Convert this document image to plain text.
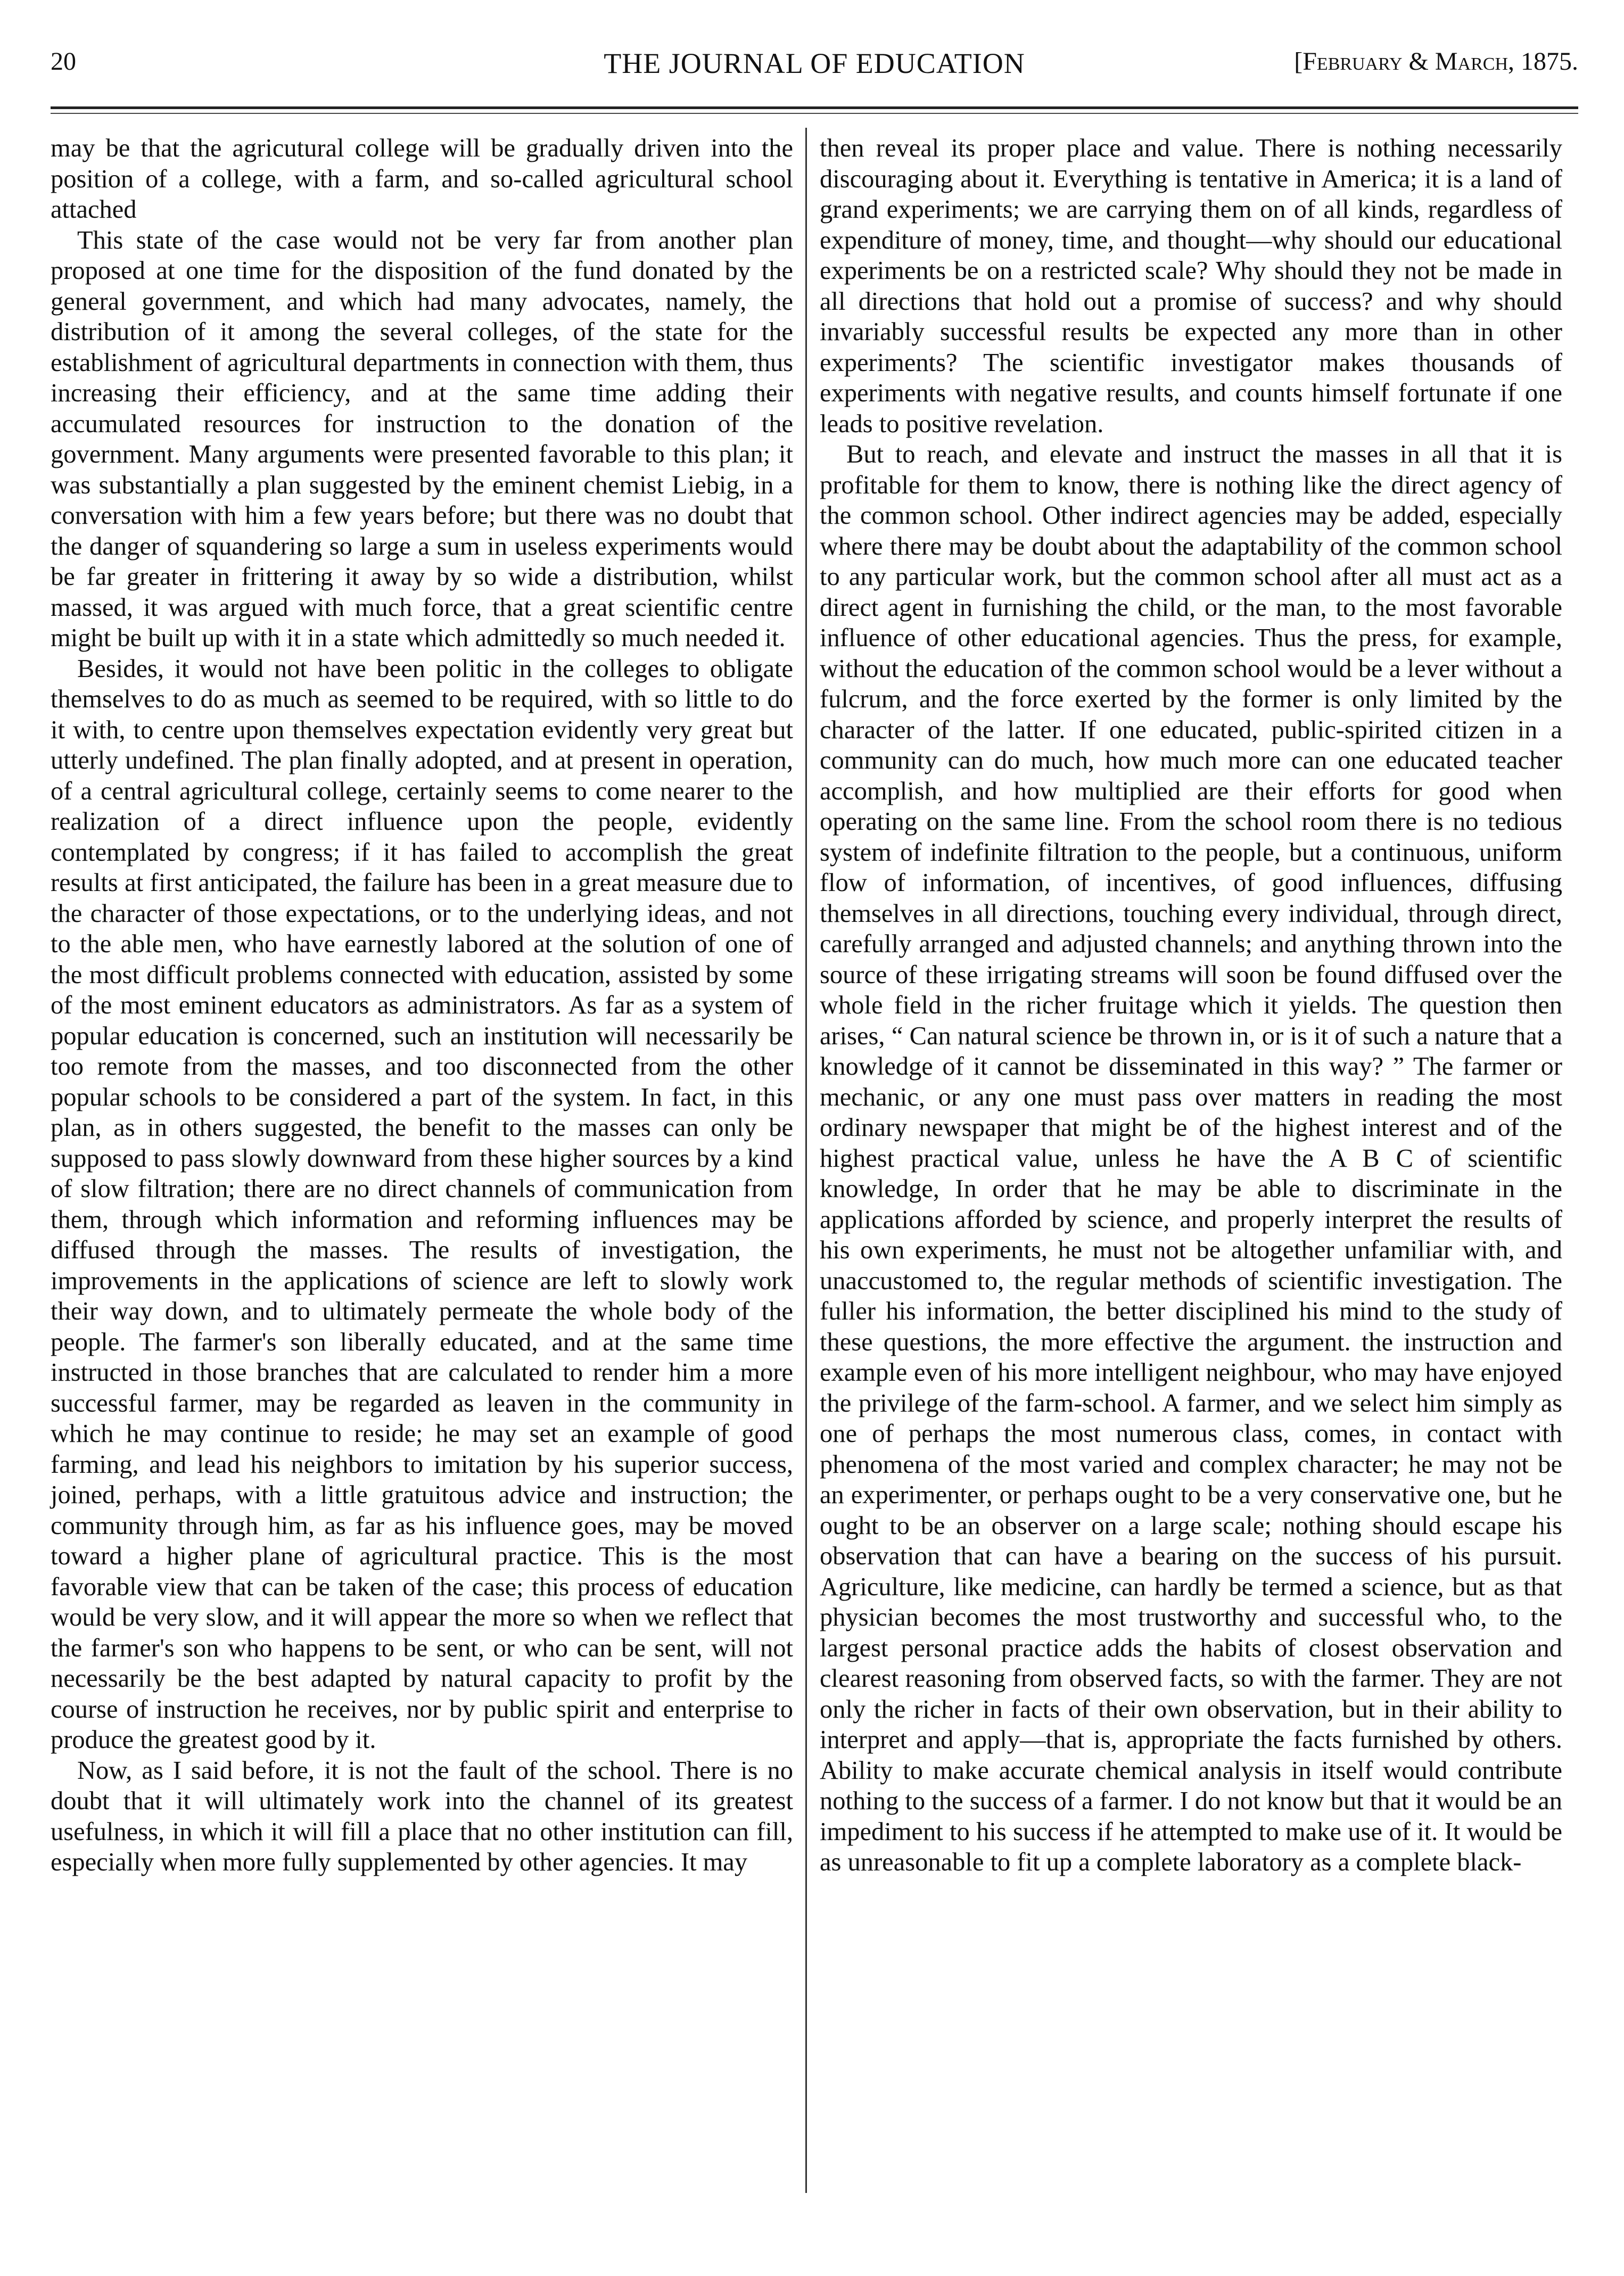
20	THE JOURNAL OF EDUCATION	[February & March, 1875.

may be that the agricutural college will be gradually driven into the position of a college, with a farm, and so-called agricultural school attached

This state of the case would not be very far from another plan proposed at one time for the disposition of the fund donated by the general government, and which had many advocates, namely, the distribution of it among the several colleges, of the state for the establishment of agricultural departments in connection with them, thus increasing their efficiency, and at the same time adding their accumulated resources for instruction to the donation of the government. Many arguments were presented favorable to this plan; it was substantially a plan suggested by the eminent chemist Liebig, in a conversation with him a few years before; but there was no doubt that the danger of squandering so large a sum in useless experiments would be far greater in frittering it away by so wide a distribution, whilst massed, it was argued with much force, that a great scientific centre might be built up with it in a state which admittedly so much needed it.

Besides, it would not have been politic in the colleges to obligate themselves to do as much as seemed to be required, with so little to do it with, to centre upon themselves expectation evidently very great but utterly undefined. The plan finally adopted, and at present in operation, of a central agricultural college, certainly seems to come nearer to the realization of a direct influence upon the people, evidently contemplated by congress; if it has failed to accomplish the great results at first anticipated, the failure has been in a great measure due to the character of those expectations, or to the underlying ideas, and not to the able men, who have earnestly labored at the solution of one of the most difficult problems connected with education, assisted by some of the most eminent educators as administrators. As far as a system of popular education is concerned, such an institution will necessarily be too remote from the masses, and too disconnected from the other popular schools to be considered a part of the system. In fact, in this plan, as in others suggested, the benefit to the masses can only be supposed to pass slowly downward from these higher sources by a kind of slow filtration; there are no direct channels of communication from them, through which information and reforming influences may be diffused through the masses. The results of investigation, the improvements in the applications of science are left to slowly work their way down, and to ultimately permeate the whole body of the people. The farmer's son liberally educated, and at the same time instructed in those branches that are calculated to render him a more successful farmer, may be regarded as leaven in the community in which he may continue to reside; he may set an example of good farming, and lead his neighbors to imitation by his superior success, joined, perhaps, with a little gratuitous advice and instruction; the community through him, as far as his influence goes, may be moved toward a higher plane of agricultural practice. This is the most favorable view that can be taken of the case; this process of education would be very slow, and it will appear the more so when we reflect that the farmer's son who happens to be sent, or who can be sent, will not necessarily be the best adapted by natural capacity to profit by the course of instruction he receives, nor by public spirit and enterprise to produce the greatest good by it.

Now, as I said before, it is not the fault of the school. There is no doubt that it will ultimately work into the channel of its greatest usefulness, in which it will fill a place that no other institution can fill, especially when more fully supplemented by other agencies. It may

then reveal its proper place and value. There is nothing necessarily discouraging about it. Everything is tentative in America; it is a land of grand experiments; we are carrying them on of all kinds, regardless of expenditure of money, time, and thought—why should our educational experiments be on a restricted scale? Why should they not be made in all directions that hold out a promise of success? and why should invariably successful results be expected any more than in other experiments? The scientific investigator makes thousands of experiments with negative results, and counts himself fortunate if one leads to positive revelation.

But to reach, and elevate and instruct the masses in all that it is profitable for them to know, there is nothing like the direct agency of the common school. Other indirect agencies may be added, especially where there may be doubt about the adaptability of the common school to any particular work, but the common school after all must act as a direct agent in furnishing the child, or the man, to the most favorable influence of other educational agencies. Thus the press, for example, without the education of the common school would be a lever without a fulcrum, and the force exerted by the former is only limited by the character of the latter. If one educated, public-spirited citizen in a community can do much, how much more can one educated teacher accomplish, and how multiplied are their efforts for good when operating on the same line. From the school room there is no tedious system of indefinite filtration to the people, but a continuous, uniform flow of information, of incentives, of good influences, diffusing themselves in all directions, touching every individual, through direct, carefully arranged and adjusted channels; and anything thrown into the source of these irrigating streams will soon be found diffused over the whole field in the richer fruitage which it yields. The question then arises, “ Can natural science be thrown in, or is it of such a nature that a knowledge of it cannot be disseminated in this way? ” The farmer or mechanic, or any one must pass over matters in reading the most ordinary newspaper that might be of the highest interest and of the highest practical value, unless he have the A B C of scientific knowledge, In order that he may be able to discriminate in the applications afforded by science, and properly interpret the results of his own experiments, he must not be altogether unfamiliar with, and unaccustomed to, the regular methods of scientific investigation. The fuller his information, the better disciplined his mind to the study of these questions, the more effective the argument. the instruction and example even of his more intelligent neighbour, who may have enjoyed the privilege of the farm-school. A farmer, and we select him simply as one of perhaps the most numerous class, comes, in contact with phenomena of the most varied and complex character; he may not be an experimenter, or perhaps ought to be a very conservative one, but he ought to be an observer on a large scale; nothing should escape his observation that can have a bearing on the success of his pursuit. Agriculture, like medicine, can hardly be termed a science, but as that physician becomes the most trustworthy and successful who, to the largest personal practice adds the habits of closest observation and clearest reasoning from observed facts, so with the farmer. They are not only the richer in facts of their own observation, but in their ability to interpret and apply—that is, appropriate the facts furnished by others. Ability to make accurate chemical analysis in itself would contribute nothing to the success of a farmer. I do not know but that it would be an impediment to his success if he attempted to make use of it. It would be as unreasonable to fit up a complete laboratory as a complete black-
